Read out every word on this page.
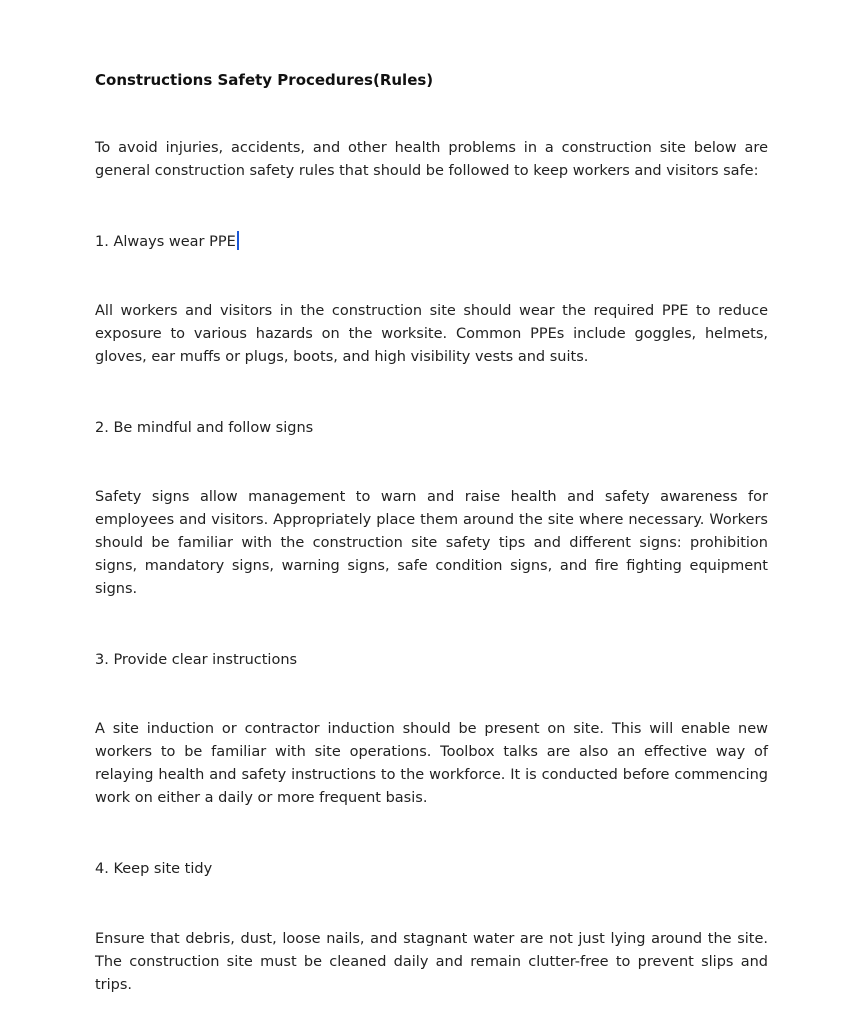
Constructions Safety Procedures(Rules)

To avoid injuries, accidents, and other health problems in a construction site below are general construction safety rules that should be followed to keep workers and visitors safe:

1. Always wear PPE

All workers and visitors in the construction site should wear the required PPE to reduce exposure to various hazards on the worksite. Common PPEs include goggles, helmets, gloves, ear muffs or plugs, boots, and high visibility vests and suits.

2. Be mindful and follow signs

Safety signs allow management to warn and raise health and safety awareness for employees and visitors. Appropriately place them around the site where necessary. Workers should be familiar with the construction site safety tips and different signs: prohibition signs, mandatory signs, warning signs, safe condition signs, and fire fighting equipment signs.

3. Provide clear instructions

A site induction or contractor induction should be present on site. This will enable new workers to be familiar with site operations. Toolbox talks are also an effective way of relaying health and safety instructions to the workforce. It is conducted before commencing work on either a daily or more frequent basis.

4. Keep site tidy

Ensure that debris, dust, loose nails, and stagnant water are not just lying around the site. The construction site must be cleaned daily and remain clutter-free to prevent slips and trips.
